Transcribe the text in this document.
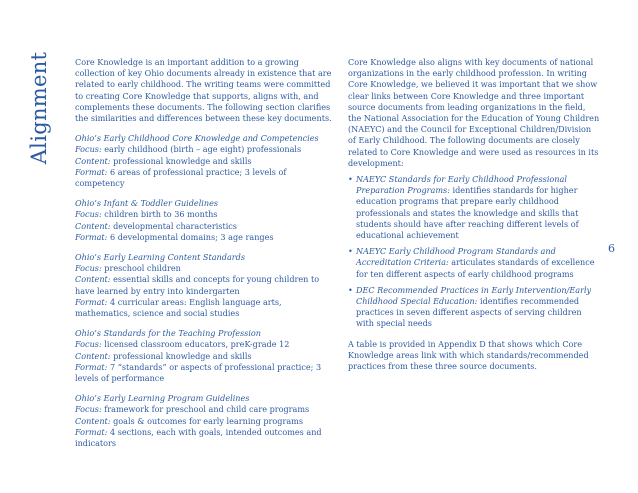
Alignment	Core Knowledge is an important addition to a growing collection of key Ohio documents already in existence that are related to early childhood. The writing teams were committed to creating Core Knowledge that supports, aligns with, and complements these documents. The following section clarifies the similarities and differences between these key documents.

Ohio’s Early Childhood Core Knowledge and Competencies

Focus: early childhood (birth – age eight) professionals

Content: professional knowledge and skills

Format: 6 areas of professional practice; 3 levels of competency

Ohio’s Infant & Toddler Guidelines

Focus: children birth to 36 months

Content: developmental characteristics

Format: 6 developmental domains; 3 age ranges

Ohio’s Early Learning Content Standards

Focus: preschool children

Content: essential skills and concepts for young children to have learned by entry into kindergarten

Format: 4 curricular areas: English language arts, mathematics, science and social studies

Ohio’s Standards for the Teaching Profession

Focus: licensed classroom educators, preK-grade 12

Content: professional knowledge and skills

Format: 7 “standards” or aspects of professional practice; 3 levels of performance

Ohio’s Early Learning Program Guidelines

Focus: framework for preschool and child care programs

Content: goals & outcomes for early learning programs

Format: 4 sections, each with goals, intended outcomes and indicators

Core Knowledge also aligns with key documents of national organizations in the early childhood profession. In writing Core Knowledge, we believed it was important that we show clear links between Core Knowledge and three important source documents from leading organizations in the field, the National Association for the Education of Young Children (NAEYC) and the Council for Exceptional Children/Division of Early Childhood. The following documents are closely related to Core Knowledge and were used as resources in its development:

• NAEYC Standards for Early Childhood Professional Preparation Programs: identifies standards for higher education programs that prepare early childhood professionals and states the knowledge and skills that students should have after reaching different levels of educational achievement
• NAEYC Early Childhood Program Standards and Accreditation Criteria: articulates standards of excellence for ten different aspects of early childhood programs
• DEC Recommended Practices in Early Intervention/Early Childhood Special Education: identifies recommended practices in seven different aspects of serving children with special needs

A table is provided in Appendix D that shows which Core Knowledge areas link with which standards/recommended practices from these three source documents.

6
